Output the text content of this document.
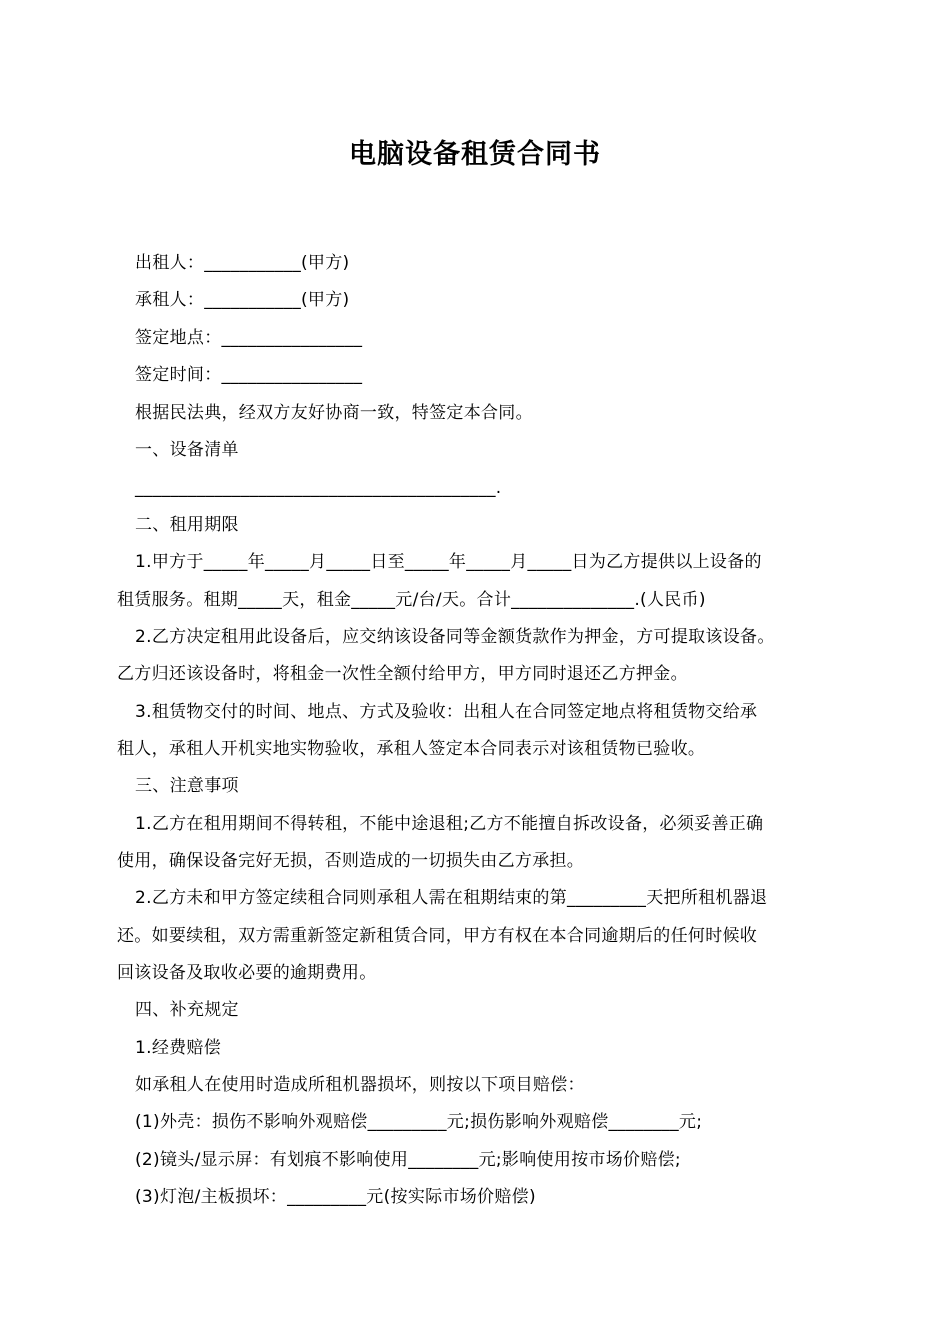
电脑设备租赁合同书
出租人：___________(甲方)
承租人：___________(甲方)
签定地点：________________
签定时间：________________
根据民法典，经双方友好协商一致，特签定本合同。
一、设备清单
_________________________________________.
二、租用期限
1.甲方于_____年_____月_____日至_____年_____月_____日为乙方提供以上设备的
租赁服务。租期_____天，租金_____元/台/天。合计______________.(人民币)
2.乙方决定租用此设备后，应交纳该设备同等金额货款作为押金，方可提取该设备。
乙方归还该设备时，将租金一次性全额付给甲方，甲方同时退还乙方押金。
3.租赁物交付的时间、地点、方式及验收：出租人在合同签定地点将租赁物交给承
租人，承租人开机实地实物验收，承租人签定本合同表示对该租赁物已验收。
三、注意事项
1.乙方在租用期间不得转租，不能中途退租;乙方不能擅自拆改设备，必须妥善正确
使用，确保设备完好无损，否则造成的一切损失由乙方承担。
2.乙方未和甲方签定续租合同则承租人需在租期结束的第_________天把所租机器退
还。如要续租，双方需重新签定新租赁合同，甲方有权在本合同逾期后的任何时候收
回该设备及取收必要的逾期费用。
四、补充规定
1.经费赔偿
如承租人在使用时造成所租机器损坏，则按以下项目赔偿：
(1)外壳：损伤不影响外观赔偿_________元;损伤影响外观赔偿________元;
(2)镜头/显示屏：有划痕不影响使用________元;影响使用按市场价赔偿;
(3)灯泡/主板损坏：_________元(按实际市场价赔偿)
